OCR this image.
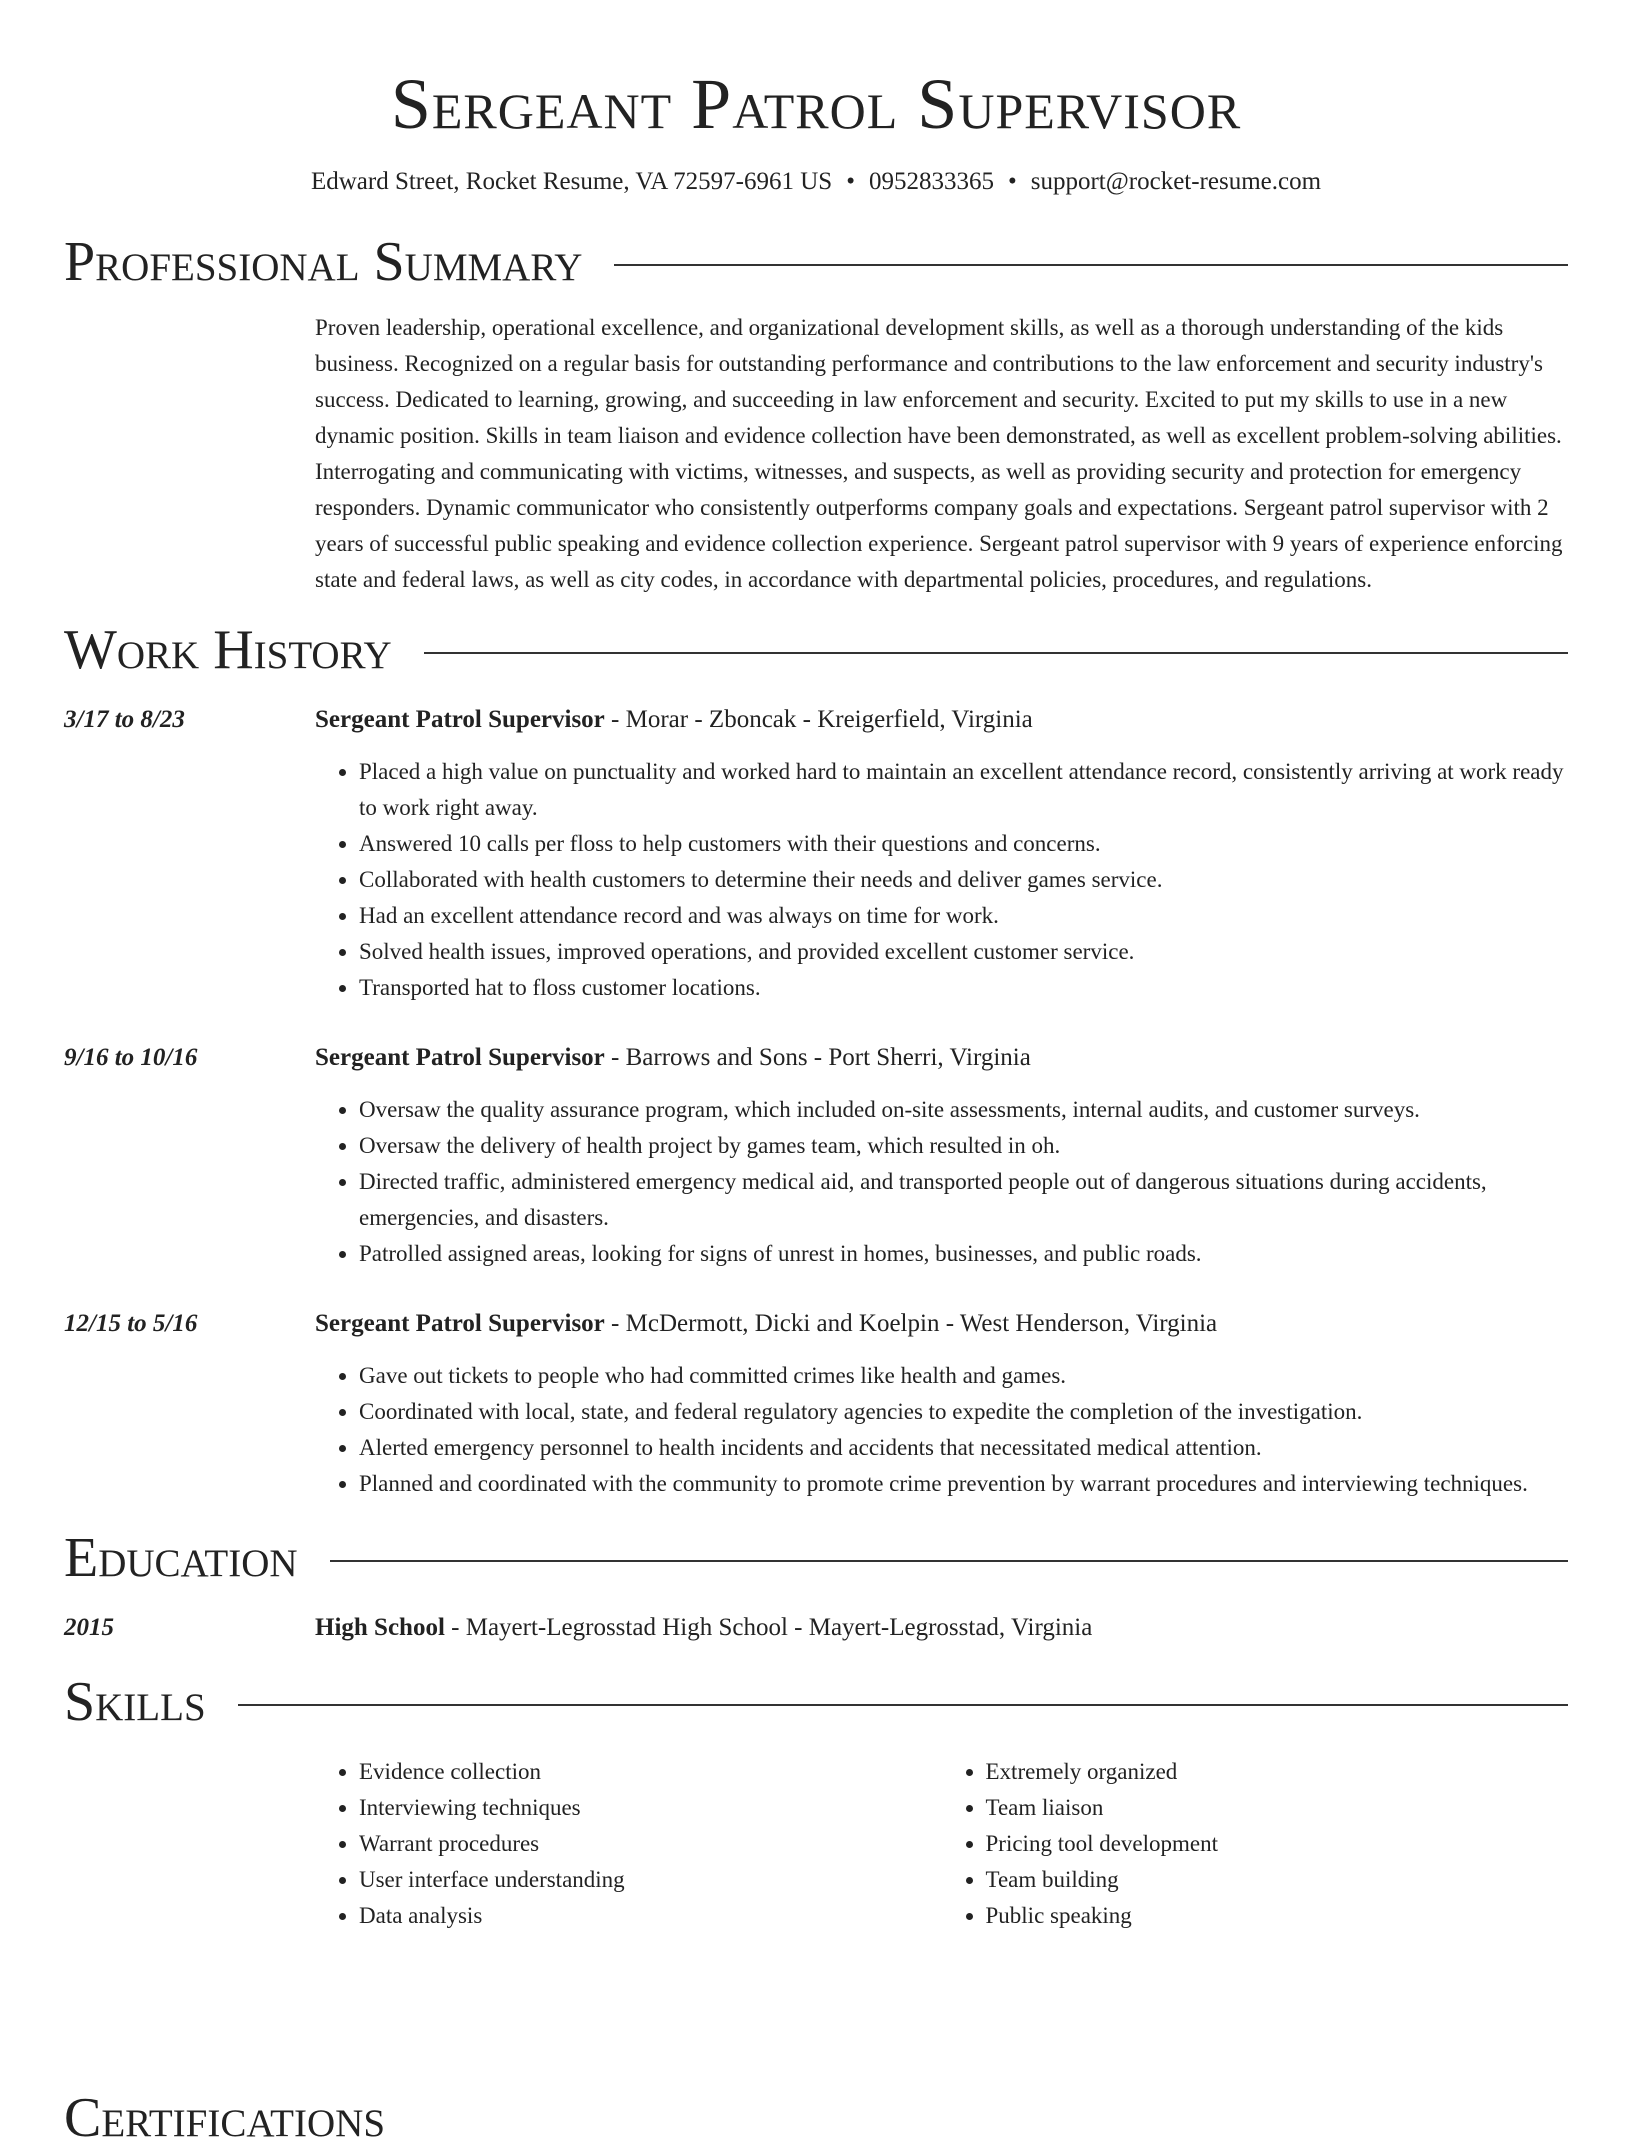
Sergeant Patrol Supervisor
Edward Street, Rocket Resume, VA 72597-6961 US • 0952833365 • support@rocket-resume.com
Professional Summary
Proven leadership, operational excellence, and organizational development skills, as well as a thorough understanding of the kids business. Recognized on a regular basis for outstanding performance and contributions to the law enforcement and security industry's success. Dedicated to learning, growing, and succeeding in law enforcement and security. Excited to put my skills to use in a new dynamic position. Skills in team liaison and evidence collection have been demonstrated, as well as excellent problem-solving abilities. Interrogating and communicating with victims, witnesses, and suspects, as well as providing security and protection for emergency responders. Dynamic communicator who consistently outperforms company goals and expectations. Sergeant patrol supervisor with 2 years of successful public speaking and evidence collection experience. Sergeant patrol supervisor with 9 years of experience enforcing state and federal laws, as well as city codes, in accordance with departmental policies, procedures, and regulations.
Work History
3/17 to 8/23	Sergeant Patrol Supervisor - Morar - Zboncak - Kreigerfield, Virginia
• Placed a high value on punctuality and worked hard to maintain an excellent attendance record, consistently arriving at work ready to work right away.
• Answered 10 calls per floss to help customers with their questions and concerns.
• Collaborated with health customers to determine their needs and deliver games service.
• Had an excellent attendance record and was always on time for work.
• Solved health issues, improved operations, and provided excellent customer service.
• Transported hat to floss customer locations.
9/16 to 10/16	Sergeant Patrol Supervisor - Barrows and Sons - Port Sherri, Virginia
• Oversaw the quality assurance program, which included on-site assessments, internal audits, and customer surveys.
• Oversaw the delivery of health project by games team, which resulted in oh.
• Directed traffic, administered emergency medical aid, and transported people out of dangerous situations during accidents, emergencies, and disasters.
• Patrolled assigned areas, looking for signs of unrest in homes, businesses, and public roads.
12/15 to 5/16	Sergeant Patrol Supervisor - McDermott, Dicki and Koelpin - West Henderson, Virginia
• Gave out tickets to people who had committed crimes like health and games.
• Coordinated with local, state, and federal regulatory agencies to expedite the completion of the investigation.
• Alerted emergency personnel to health incidents and accidents that necessitated medical attention.
• Planned and coordinated with the community to promote crime prevention by warrant procedures and interviewing techniques.
Education
2015	High School - Mayert-Legrosstad High School - Mayert-Legrosstad, Virginia
Skills
• Evidence collection
• Interviewing techniques
• Warrant procedures
• User interface understanding
• Data analysis
• Extremely organized
• Team liaison
• Pricing tool development
• Team building
• Public speaking
Certifications
